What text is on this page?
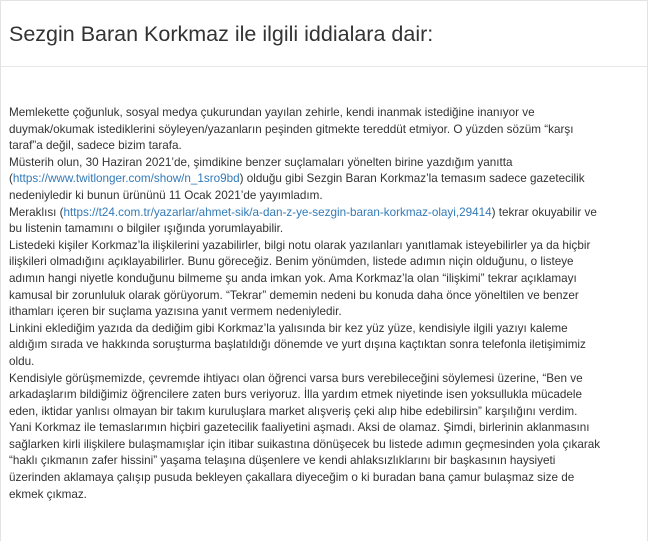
Sezgin Baran Korkmaz ile ilgili iddialara dair:

Memlekette çoğunluk, sosyal medya çukurundan yayılan zehirle, kendi inanmak istediğine inanıyor ve
duymak/okumak istediklerini söyleyen/yazanların peşinden gitmekte tereddüt etmiyor. O yüzden sözüm “karşı
taraf”a değil, sadece bizim tarafa.

Müsterih olun, 30 Haziran 2021’de, şimdikine benzer suçlamaları yönelten birine yazdığım yanıtta
(https://www.twitlonger.com/show/n_1sro9bd) olduğu gibi Sezgin Baran Korkmaz’la temasım sadece gazetecilik
nedeniyledir ki bunun ürününü 11 Ocak 2021’de yayımladım.

Meraklısı (https://t24.com.tr/yazarlar/ahmet-sik/a-dan-z-ye-sezgin-baran-korkmaz-olayi,29414) tekrar okuyabilir ve
bu listenin tamamını o bilgiler ışığında yorumlayabilir.

Listedeki kişiler Korkmaz’la ilişkilerini yazabilirler, bilgi notu olarak yazılanları yanıtlamak isteyebilirler ya da hiçbir
ilişkileri olmadığını açıklayabilirler. Bunu göreceğiz. Benim yönümden, listede adımın niçin olduğunu, o listeye
adımın hangi niyetle konduğunu bilmeme şu anda imkan yok. Ama Korkmaz’la olan “ilişkimi” tekrar açıklamayı
kamusal bir zorunluluk olarak görüyorum. “Tekrar” dememin nedeni bu konuda daha önce yöneltilen ve benzer
ithamları içeren bir suçlama yazısına yanıt vermem nedeniyledir.

Linkini eklediğim yazıda da dediğim gibi Korkmaz’la yalısında bir kez yüz yüze, kendisiyle ilgili yazıyı kaleme
aldığım sırada ve hakkında soruşturma başlatıldığı dönemde ve yurt dışına kaçtıktan sonra telefonla iletişimimiz
oldu.

Kendisiyle görüşmemizde, çevremde ihtiyacı olan öğrenci varsa burs verebileceğini söylemesi üzerine, “Ben ve
arkadaşlarım bildiğimiz öğrencilere zaten burs veriyoruz. İlla yardım etmek niyetinde isen yoksullukla mücadele
eden, iktidar yanlısı olmayan bir takım kuruluşlara market alışveriş çeki alıp hibe edebilirsin” karşılığını verdim.

Yani Korkmaz ile temaslarımın hiçbiri gazetecilik faaliyetini aşmadı. Aksi de olamaz. Şimdi, birlerinin aklanmasını
sağlarken kirli ilişkilere bulaşmamışlar için itibar suikastına dönüşecek bu listede adımın geçmesinden yola çıkarak
“haklı çıkmanın zafer hissini” yaşama telaşına düşenlere ve kendi ahlaksızlıklarını bir başkasının haysiyeti
üzerinden aklamaya çalışıp pusuda bekleyen çakallara diyeceğim o ki buradan bana çamur bulaşmaz size de
ekmek çıkmaz.
